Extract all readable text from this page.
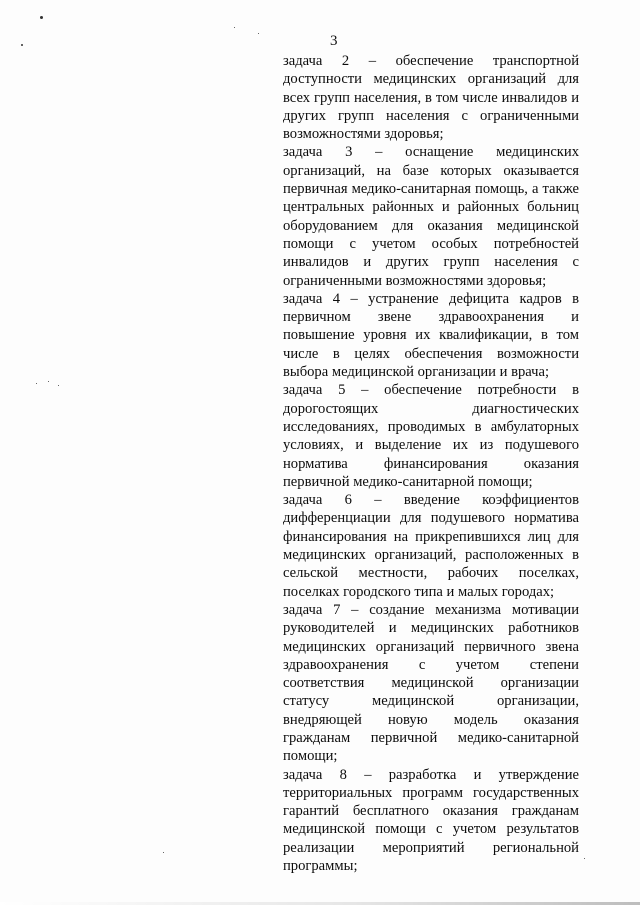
3

задача 2 – обеспечение транспортной доступности медицинских организаций для всех групп населения, в том числе инвалидов и других групп населения с ограниченными возможностями здоровья;

задача 3 – оснащение медицинских организаций, на базе которых оказывается первичная медико-санитарная помощь, а также центральных районных и районных больниц оборудованием для оказания медицинской помощи с учетом особых потребностей инвалидов и других групп населения с ограниченными возможностями здоровья;

задача 4 – устранение дефицита кадров в первичном звене здравоохранения и повышение уровня их квалификации, в том числе в целях обеспечения возможности выбора медицинской организации и врача;

задача 5 – обеспечение потребности в дорогостоящих диагностических исследованиях, проводимых в амбулаторных условиях, и выделение их из подушевого норматива финансирования оказания первичной медико-санитарной помощи;

задача 6 – введение коэффициентов дифференциации для подушевого норматива финансирования на прикрепившихся лиц для медицинских организаций, расположенных в сельской местности, рабочих поселках, поселках городского типа и малых городах;

задача 7 – создание механизма мотивации руководителей и медицинских работников медицинских организаций первичного звена здравоохранения с учетом степени соответствия медицинской организации статусу медицинской организации, внедряющей новую модель оказания гражданам первичной медико-санитарной помощи;

задача 8 – разработка и утверждение территориальных программ государственных гарантий бесплатного оказания гражданам медицинской помощи с учетом результатов реализации мероприятий региональной программы;
